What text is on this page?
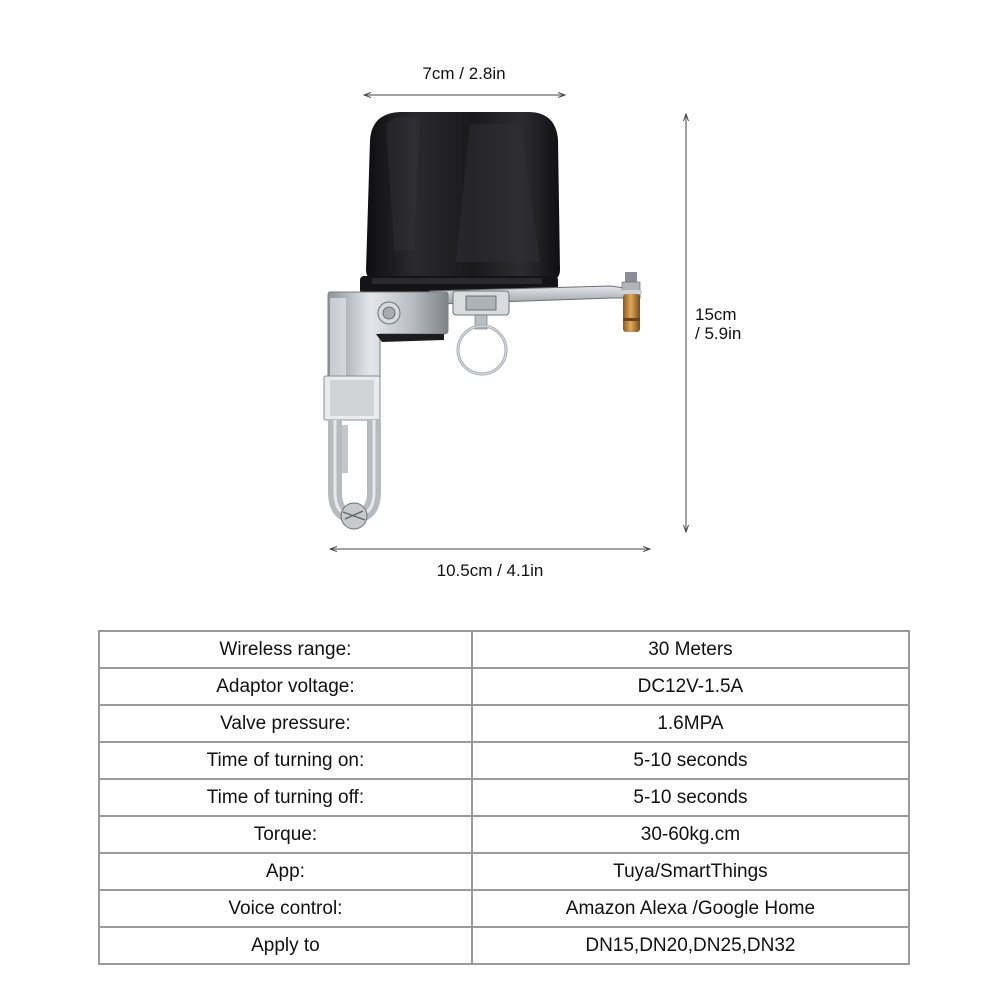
7cm / 2.8in
10.5cm / 4.1in
15cm
/ 5.9in
Wireless range:	30 Meters
Adaptor voltage:	DC12V-1.5A
Valve pressure:	1.6MPA
Time of turning on:	5-10 seconds
Time of turning off:	5-10 seconds
Torque:	30-60kg.cm
App:	Tuya/SmartThings
Voice control:	Amazon Alexa /Google Home
Apply to	DN15,DN20,DN25,DN32
